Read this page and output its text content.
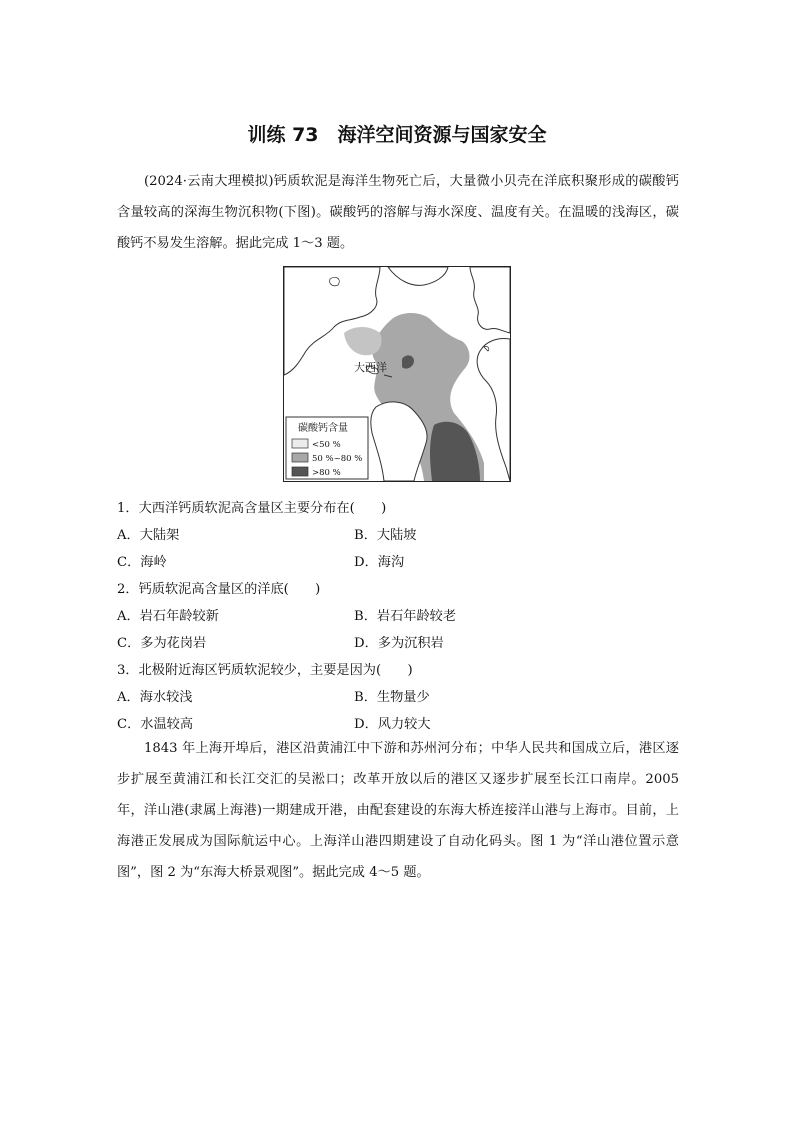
训练 73　海洋空间资源与国家安全

(2024·云南大理模拟)钙质软泥是海洋生物死亡后，大量微小贝壳在洋底积聚形成的碳酸钙含量较高的深海生物沉积物(下图)。碳酸钙的溶解与海水深度、温度有关。在温暖的浅海区，碳酸钙不易发生溶解。据此完成 1～3 题。

大西洋
碳酸钙含量
<50 %
50 %~80 %
>80 %
1．大西洋钙质软泥高含量区主要分布在(　　)
A．大陆架	B．大陆坡
C．海岭	D．海沟
2．钙质软泥高含量区的洋底(　　)
A．岩石年龄较新	B．岩石年龄较老
C．多为花岗岩	D．多为沉积岩
3．北极附近海区钙质软泥较少，主要是因为(　　)
A．海水较浅	B．生物量少
C．水温较高	D．风力较大

1843 年上海开埠后，港区沿黄浦江中下游和苏州河分布；中华人民共和国成立后，港区逐步扩展至黄浦江和长江交汇的吴淞口；改革开放以后的港区又逐步扩展至长江口南岸。2005 年，洋山港(隶属上海港)一期建成开港，由配套建设的东海大桥连接洋山港与上海市。目前，上海港正发展成为国际航运中心。上海洋山港四期建设了自动化码头。图 1 为“洋山港位置示意图”，图 2 为“东海大桥景观图”。据此完成 4～5 题。
